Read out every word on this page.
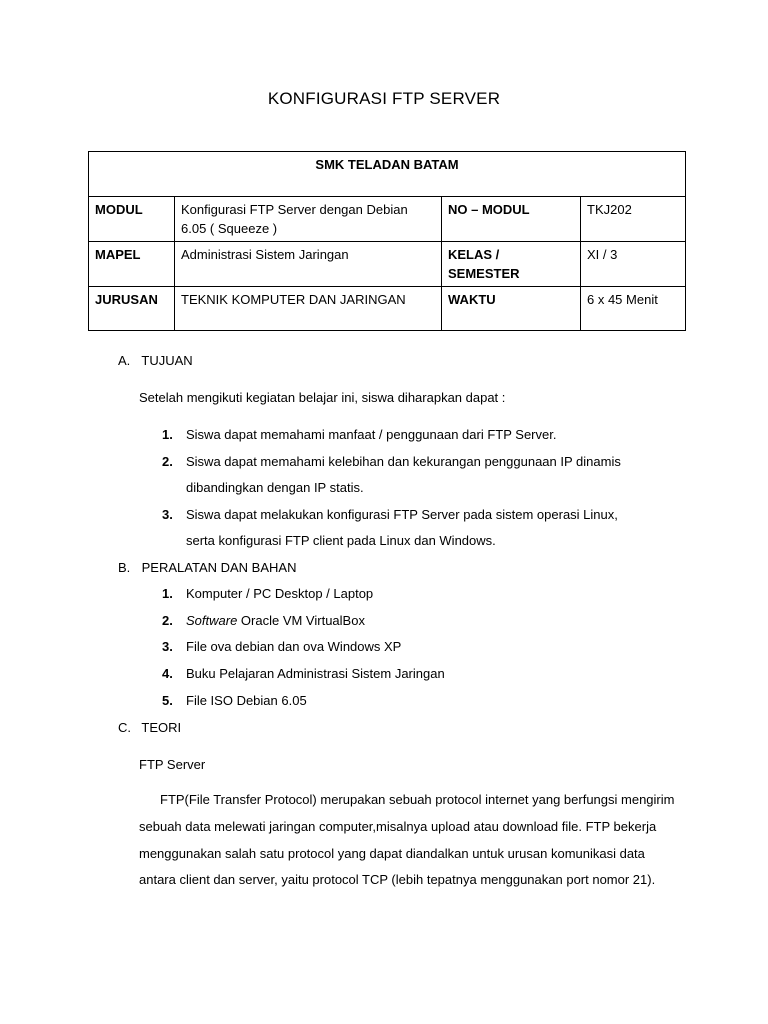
KONFIGURASI FTP SERVER
SMK TELADAN BATAM			
MODUL	Konfigurasi FTP Server dengan Debian 6.05 ( Squeeze )	NO – MODUL	TKJ202
MAPEL	Administrasi Sistem Jaringan	KELAS / SEMESTER	XI / 3
JURUSAN	TEKNIK KOMPUTER DAN JARINGAN	WAKTU	6 x 45 Menit
A. TUJUAN
Setelah mengikuti kegiatan belajar ini, siswa diharapkan dapat :
1. Siswa dapat memahami manfaat / penggunaan dari FTP Server.
2. Siswa dapat memahami kelebihan dan kekurangan penggunaan IP dinamis
dibandingkan dengan IP statis.
3. Siswa dapat melakukan konfigurasi FTP Server pada sistem operasi Linux,
serta konfigurasi FTP client pada Linux dan Windows.
B. PERALATAN DAN BAHAN
1. Komputer / PC Desktop / Laptop
2. Software Oracle VM VirtualBox
3. File ova debian dan ova Windows XP
4. Buku Pelajaran Administrasi Sistem Jaringan
5. File ISO Debian 6.05
C. TEORI
FTP Server
FTP(File Transfer Protocol) merupakan sebuah protocol internet yang berfungsi mengirim sebuah data melewati jaringan computer,misalnya upload atau download file. FTP bekerja menggunakan salah satu protocol yang dapat diandalkan untuk urusan komunikasi data antara client dan server, yaitu protocol TCP (lebih tepatnya menggunakan port nomor 21).
